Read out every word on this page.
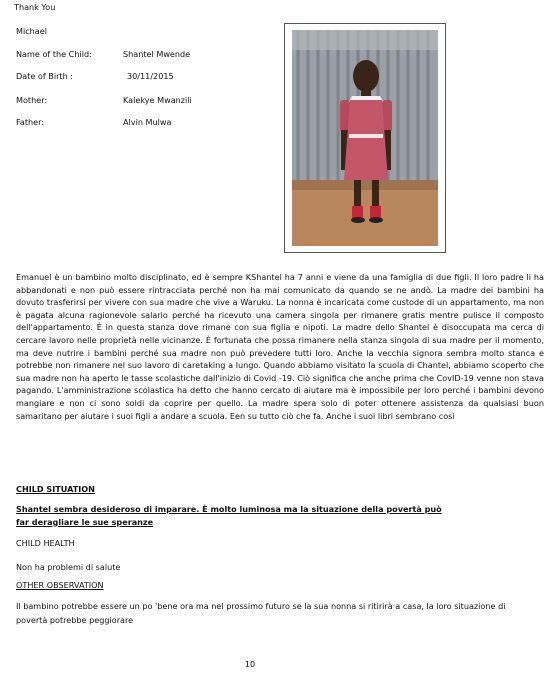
Thank You
Michael
Name of the Child:	Shantel Mwende
Date of Birth :	30/11/2015
Mother:	Kalekye Mwanzili
Father:	Alvin Mulwa
Emanuel è un bambino molto disciplinato, ed è sempre KShantel ha 7 anni e viene da una famiglia di due figli. Il loro padre li ha abbandonati e non può essere rintracciata perché non ha mai comunicato da quando se ne andò. La madre dei bambini ha dovuto trasferirsi per vivere con sua madre che vive a Waruku. La nonna è incaricata come custode di un appartamento, ma non è pagata alcuna ragionevole salario perché ha ricevuto una camera singola per rimanere gratis mentre pulisce il composto dell'appartamento. È in questa stanza dove rimane con sua figlia e nipoti. La madre dello Shantel è disoccupata ma cerca di cercare lavoro nelle proprietà nelle vicinanze. È fortunata che possa rimanere nella stanza singola di sua madre per il momento, ma deve nutrire i bambini perché sua madre non può prevedere tutti loro. Anche la vecchia signora sembra molto stanca e potrebbe non rimanere nel suo lavoro di caretaking a lungo. Quando abbiamo visitato la scuola di Chantel, abbiamo scoperto che sua madre non ha aperto le tasse scolastiche dall'inizio di Covid -19. Ciò significa che anche prima che CovID-19 venne non stava pagando. L'amministrazione scolastica ha detto che hanno cercato di aiutare ma è impossibile per loro perché i bambini devono mangiare e non ci sono soldi da coprire per quello. La madre spera solo di poter ottenere assistenza da qualsiasi buon samaritano per aiutare i suoi figli a andare a scuola. Een su tutto ciò che fa. Anche i suoi libri sembrano così
CHILD SITUATION
Shantel sembra desideroso di imparare. È molto luminosa ma la situazione della povertà può far deragliare le sue speranze
CHILD HEALTH
Non ha problemi di salute
OTHER OBSERVATION
Il bambino potrebbe essere un po 'bene ora ma nel prossimo futuro se la sua nonna si ritirirà a casa, la loro situazione di povertà potrebbe peggiorare
10
